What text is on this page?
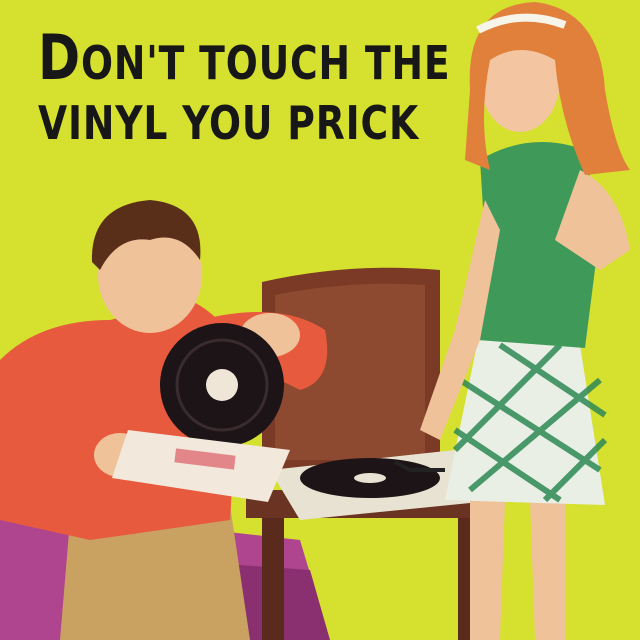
DON'T TOUCH THE
VINYL YOU PRICK
